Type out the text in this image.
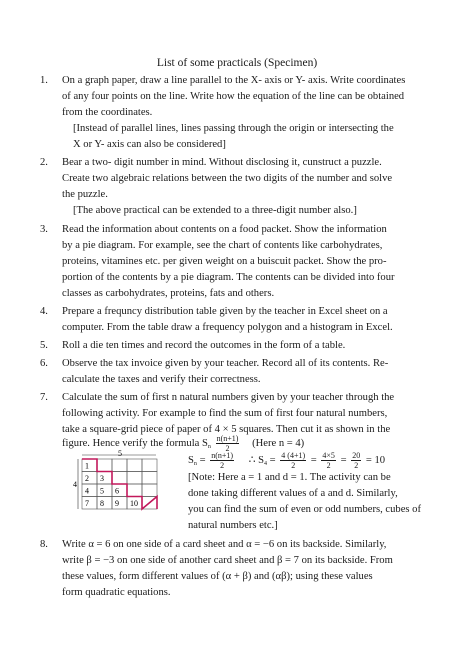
List of some practicals (Specimen)
1. On a graph paper, draw a line parallel to the X- axis or Y- axis. Write coordinates
of any four points on the line. Write how the equation of the line can be obtained
from the coordinates.
[Instead of parallel lines, lines passing through the origin or intersecting the
X or Y- axis can also be considered]
2. Bear a two- digit number in mind. Without disclosing it, cunstruct a puzzle.
Create two algebraic relations between the two digits of the number and solve
the puzzle.
[The above practical can be extended to a three-digit number also.]
3. Read the information about contents on a food packet. Show the information
by a pie diagram. For example, see the chart of contents like carbohydrates,
proteins, vitamines etc. per given weight on a buiscuit packet. Show the pro-
portion of the contents by a pie diagram. The contents can be divided into four
classes as carbohydrates, proteins, fats and others.
4. Prepare a frequncy distribution table given by the teacher in Excel sheet on a
computer. From the table draw a frequency polygon and a histogram in Excel.
5. Roll a die ten times and record the outcomes in the form of a table.
6. Observe the tax invoice given by your teacher. Record all of its contents. Re-
calculate the taxes and verify their correctness.
7. Calculate the sum of first n natural numbers given by your teacher through the
following activity. For example to find the sum of first four natural numbers,
take a square-grid piece of paper of 4 × 5 squares. Then cut it as shown in the
figure. Hence verify the formula $S_n \frac{n(n+1)}{2}$ (Here n = 4)
5
4
1
2 3
4 5 6
7 8 9 10
$S_n = \frac{n(n+1)}{2}$ ∴ $S_4 = \frac{4 (4+1)}{2} = \frac{4\times 5}{2} = \frac{20}{2} = 10$
[Note: Here a = 1 and d = 1. The activity can be
done taking different values of a and d. Similarly,
you can find the sum of even or odd numbers, cubes of
natural numbers etc.]
8. Write α = 6 on one side of a card sheet and α = −6 on its backside. Similarly,
write β = −3 on one side of another card sheet and β = 7 on its backside. From
these values, form different values of (α + β) and (αβ); using these values
form quadratic equations.
